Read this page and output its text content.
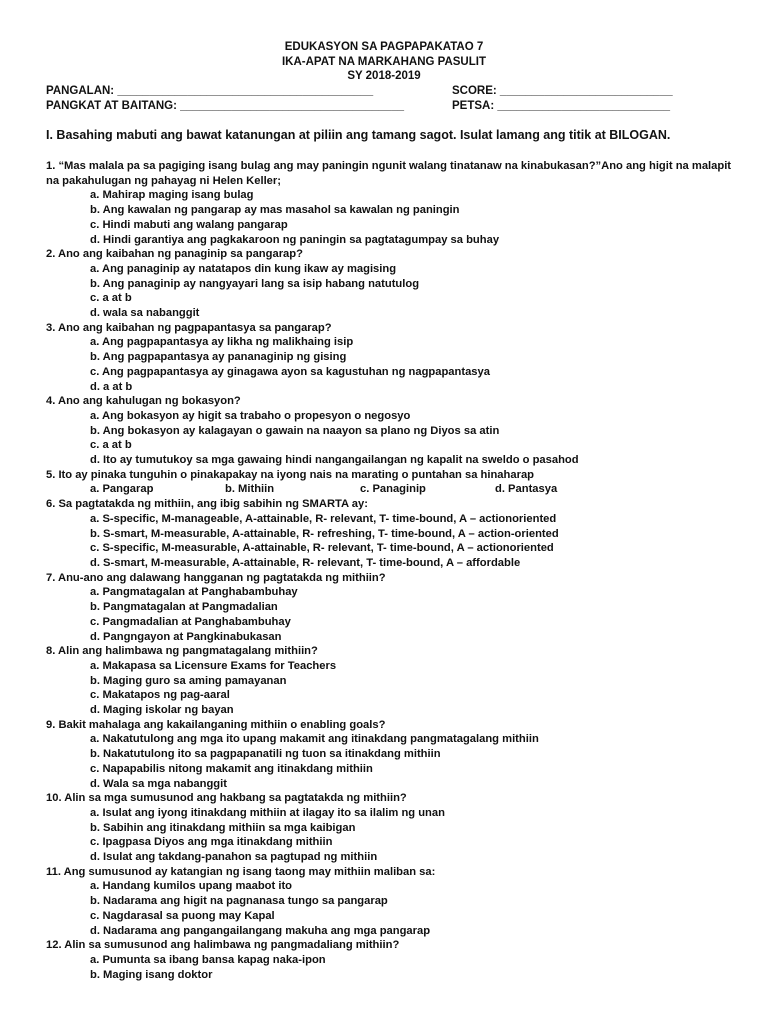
EDUKASYON SA PAGPAPAKATAO 7
IKA-APAT NA MARKAHANG PASULIT
SY 2018-2019
PANGALAN: ________________________________________	SCORE: ___________________________
PANGKAT AT BAITANG: ___________________________________	PETSA: ___________________________
I. Basahing mabuti ang bawat katanungan at piliin ang tamang sagot. Isulat lamang ang titik at BILOGAN.
1. “Mas malala pa sa pagiging isang bulag ang may paningin ngunit walang tinatanaw na kinabukasan?”Ano ang higit na malapit na pakahulugan ng pahayag ni Helen Keller;
a. Mahirap maging isang bulag
b. Ang kawalan ng pangarap ay mas masahol sa kawalan ng paningin
c. Hindi mabuti ang walang pangarap
d. Hindi garantiya ang pagkakaroon ng paningin sa pagtatagumpay sa buhay
2. Ano ang kaibahan ng panaginip sa pangarap?
a. Ang panaginip ay natatapos din kung ikaw ay magising
b. Ang panaginip ay nangyayari lang sa isip habang natutulog
c. a at b
d. wala sa nabanggit
3. Ano ang kaibahan ng pagpapantasya sa pangarap?
a. Ang pagpapantasya ay likha ng malikhaing isip
b. Ang pagpapantasya ay pananaginip ng gising
c. Ang pagpapantasya ay ginagawa ayon sa kagustuhan ng nagpapantasya
d. a at b
4. Ano ang kahulugan ng bokasyon?
a. Ang bokasyon ay higit sa trabaho o propesyon o negosyo
b. Ang bokasyon ay kalagayan o gawain na naayon sa plano ng Diyos sa atin
c. a at b
d. Ito ay tumutukoy sa mga gawaing hindi nangangailangan ng kapalit na sweldo o pasahod
5. Ito ay pinaka tunguhin o pinakapakay na iyong nais na marating o puntahan sa hinaharap
a. Pangarap	b. Mithiin	c. Panaginip	d. Pantasya
6. Sa pagtatakda ng mithiin, ang ibig sabihin ng SMARTA ay:
a. S-specific, M-manageable, A-attainable, R- relevant, T- time-bound, A – actionoriented
b. S-smart, M-measurable, A-attainable, R- refreshing, T- time-bound, A – action-oriented
c. S-specific, M-measurable, A-attainable, R- relevant, T- time-bound, A – actionoriented
d. S-smart, M-measurable, A-attainable, R- relevant, T- time-bound, A – affordable
7. Anu-ano ang dalawang hangganan ng pagtatakda ng mithiin?
a. Pangmatagalan at Panghabambuhay
b. Pangmatagalan at Pangmadalian
c. Pangmadalian at Panghabambuhay
d. Pangngayon at Pangkinabukasan
8. Alin ang halimbawa ng pangmatagalang mithiin?
a. Makapasa sa Licensure Exams for Teachers
b. Maging guro sa aming pamayanan
c. Makatapos ng pag-aaral
d. Maging iskolar ng bayan
9. Bakit mahalaga ang kakailanganing mithiin o enabling goals?
a. Nakatutulong ang mga ito upang makamit ang itinakdang pangmatagalang mithiin
b. Nakatutulong ito sa pagpapanatili ng tuon sa itinakdang mithiin
c. Napapabilis nitong makamit ang itinakdang mithiin
d. Wala sa mga nabanggit
10. Alin sa mga sumusunod ang hakbang sa pagtatakda ng mithiin?
a. Isulat ang iyong itinakdang mithiin at ilagay ito sa ilalim ng unan
b. Sabihin ang itinakdang mithiin sa mga kaibigan
c. Ipagpasa Diyos ang mga itinakdang mithiin
d. Isulat ang takdang-panahon sa pagtupad ng mithiin
11. Ang sumusunod ay katangian ng isang taong may mithiin maliban sa:
a. Handang kumilos upang maabot ito
b. Nadarama ang higit na pagnanasa tungo sa pangarap
c. Nagdarasal sa puong may Kapal
d. Nadarama ang pangangailangang makuha ang mga pangarap
12. Alin sa sumusunod ang halimbawa ng pangmadaliang mithiin?
a. Pumunta sa ibang bansa kapag naka-ipon
b. Maging isang doktor
